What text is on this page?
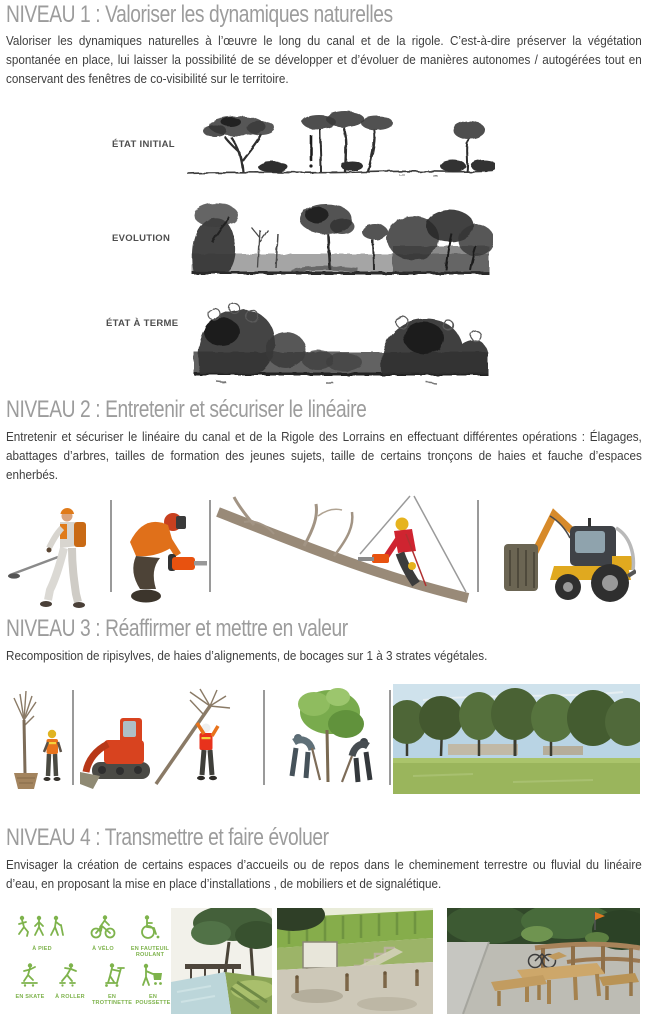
NIVEAU 1 : Valoriser les dynamiques naturelles
Valoriser les dynamiques naturelles à l’œuvre le long du canal et de la rigole. C’est-à-dire préserver la végétation spontanée en place, lui laisser la possibilité de se développer et d’évoluer de manières autonomes / autogérées tout en conservant des fenêtres de co-visibilité sur le territoire.
ÉTAT INITIAL
EVOLUTION
ÉTAT À TERME
NIVEAU 2 : Entretenir et sécuriser le linéaire
Entretenir et sécuriser le linéaire du canal et de la Rigole des Lorrains en effectuant différentes opérations : Élagages, abattages d’arbres, tailles de formation des jeunes sujets, taille de certains tronçons de haies et fauche d’espaces enherbés.
NIVEAU 3 : Réaffirmer et mettre en valeur
Recomposition de ripisylves, de haies d’alignements, de bocages sur 1 à 3 strates végétales.
NIVEAU 4 : Transmettre et faire évoluer
Envisager la création de certains espaces d’accueils ou de repos dans le cheminement terrestre ou fluvial du linéaire d’eau, en proposant la mise en place d’installations , de mobiliers et de signalétique.
À PIED	À VÉLO	EN FAUTEUIL ROULANT
EN SKATE	À ROLLER	EN TROTTINETTE
EN POUSSETTE
